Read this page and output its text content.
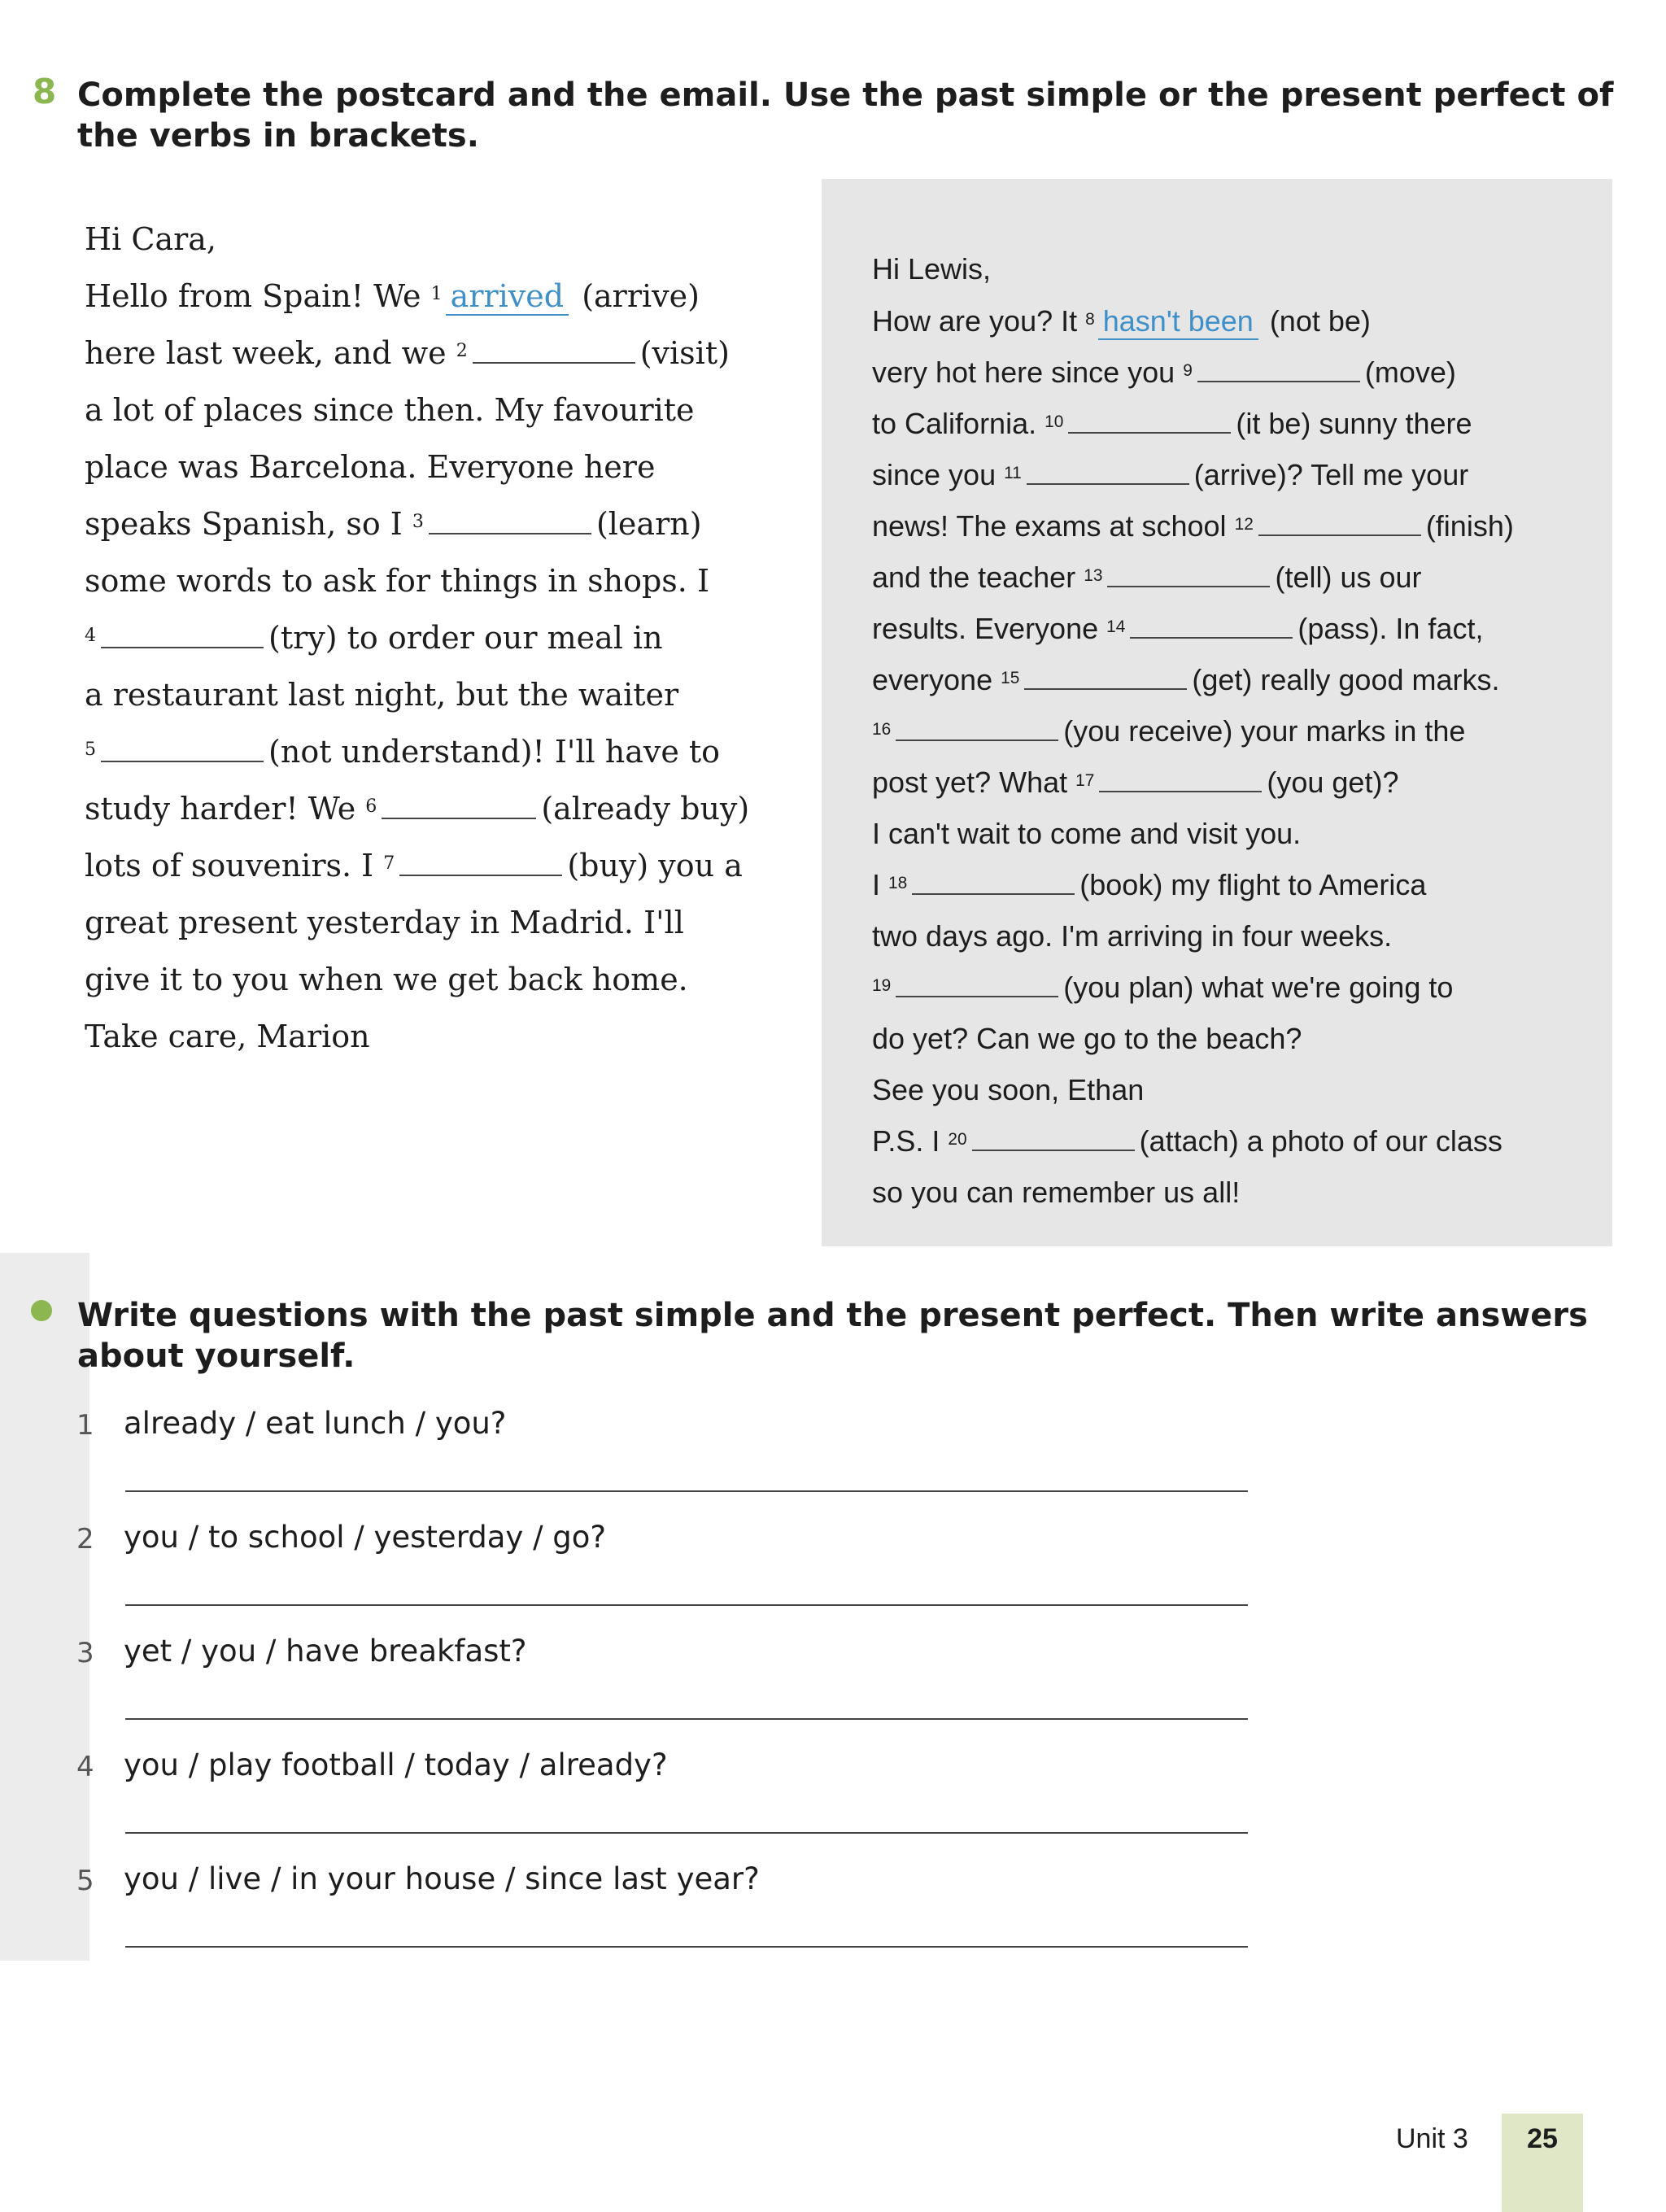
8 Complete the postcard and the email. Use the past simple or the present perfect of
the verbs in brackets.
Hi Cara,
Hello from Spain! We $^1$ arrived (arrive)
here last week, and we $^2$	(visit)
a lot of places since then. My favourite
place was Barcelona. Everyone here
speaks Spanish, so I $^3$	(learn)
some words to ask for things in shops. I
$^4$	(try) to order our meal in
a restaurant last night, but the waiter
$^5$	(not understand)! I'll have to
study harder! We $^6$	(already buy)
lots of souvenirs. I $^7$	(buy) you a
great present yesterday in Madrid. I'll
give it to you when we get back home.
Take care, Marion
Hi Lewis,
How are you? It $^8$ hasn't been (not be)
very hot here since you $^9$	(move)
to California. $^{10}$	(it be) sunny there
since you $^{11}$	(arrive)? Tell me your
news! The exams at school $^{12}$	(finish)
and the teacher $^{13}$	(tell) us our
results. Everyone $^{14}$	(pass). In fact,
everyone $^{15}$	(get) really good marks.
$^{16}$	(you receive) your marks in the
post yet? What $^{17}$	(you get)?
I can't wait to come and visit you.
I $^{18}$	(book) my flight to America
two days ago. I'm arriving in four weeks.
$^{19}$	(you plan) what we're going to
do yet? Can we go to the beach?
See you soon, Ethan
P.S. I $^{20}$	(attach) a photo of our class
so you can remember us all!
Write questions with the past simple and the present perfect. Then write answers
about yourself.
1 already / eat lunch / you?
2 you / to school / yesterday / go?
3 yet / you / have breakfast?
4 you / play football / today / already?
5 you / live / in your house / since last year?
Unit 3	25
